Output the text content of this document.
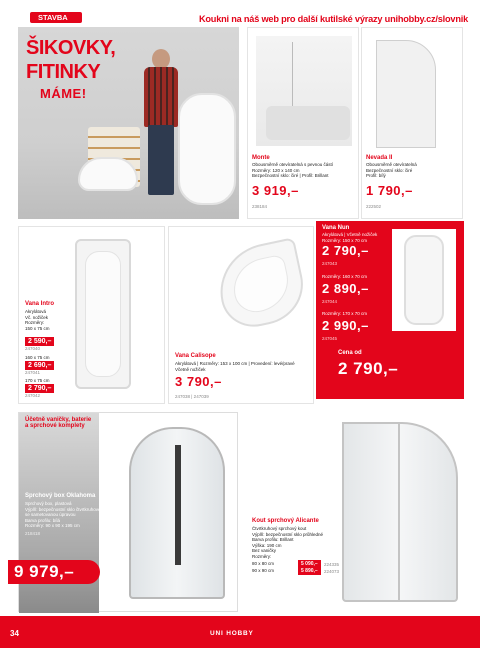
STAVBA	Koukni na náš web pro další kutilské výrazy unihobby.cz/slovnik
ŠIKOVKY,
FITINKY
MÁME!
Monte
Obousměrně otevíratelná s pevnou částí
Rozměry: 120 x 140 cm
Bezpečnostní sklo: čiré | Profil: Brillant
3 919,–
238184
Nevada II
Obousměrně otevíratelná
Bezpečnostní sklo: čiré
Profil: bílý
1 790,–
222502
Vana Intro
Akrylátová
Vč. nožiček
Rozměry:
150 x 75 cm
2 590,–
247040
160 x 75 cm
2 690,–
247041
170 x 75 cm
2 790,–
247042
Vana Calisope
Akrylátová | Rozměry: 153 x 100 cm | Provedení: levé/pravé
Včetně nožiček
3 790,–
247038 | 247039
Vana Nun
Akrylátová | Včetně nožiček
Rozměry: 150 x 70 cm
2 790,–
247043
Rozměry: 160 x 70 cm
2 890,–
247044
Rozměry: 170 x 70 cm
2 990,–
247045
Cena od
2 790,–
Účetně vaničky, baterie
a sprchové komplety
Sprchový box Oklahoma
Sprchový box, plastová
Výplň: bezpečnostní sklo čtvrtkruhové
se sametovanou úpravou
Barva profilu: bílá
Rozměry: 90 x 90 x 195 cm
218418
9 979,–
Kout sprchový Alicante
Čtvrtkruhový sprchový kout
Výplň: bezpečnostní sklo průhledné
Barva profilu: Brillant
Výška: 190 cm
Bez vaničky
Rozměry:
80 x 80 cm	5 090,–	224335
90 x 90 cm	5 890,–	224073
34	UNI HOBBY
